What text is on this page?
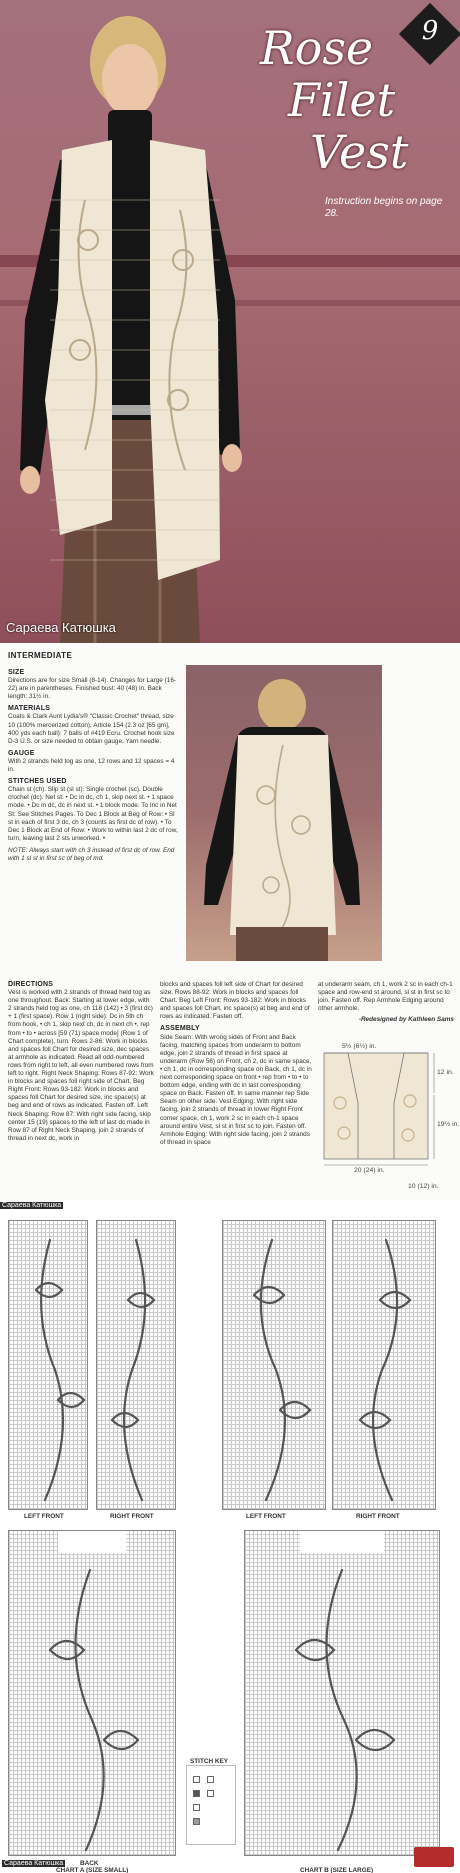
9
Rose
Filet
Vest
Instruction begins on page 28.
Сараева Катюшка
INTERMEDIATE
SIZE
Directions are for size Small (8-14). Changes for Large (16-22) are in parentheses. Finished bust: 40 (48) in. Back length: 31½ in.
MATERIALS
Coats & Clark Aunt Lydia's® "Classic Crochet" thread, size 10 (100% mercerized cotton), Article 154 (2.3 oz [65 gm], 400 yds each ball): 7 balls of #419 Ecru. Crochet hook size D-3 U.S. or size needed to obtain gauge. Yarn needle.
GAUGE
With 2 strands held tog as one, 12 rows and 12 spaces = 4 in.
STITCHES USED
Chain st (ch). Slip st (sl st). Single crochet (sc). Double crochet (dc). Net st: • Dc in dc, ch 1, skip next st. • 1 space mode. • Dc in dc, dc in next st. • 1 block mode. To Inc in Net St: See Stitches Pages. To Dec 1 Block at Beg of Row: • Sl st in each of first 3 dc, ch 3 (counts as first dc of row). • To Dec 1 Block at End of Row: • Work to within last 2 dc of row, turn, leaving last 2 sts unworked. •
NOTE: Always start with ch 3 instead of first dc of row. End with 1 sl st in first sc of beg of md.
DIRECTIONS
Vest is worked with 2 strands of thread held tog as one throughout. Back: Starting at lower edge, with 2 strands held tog as one, ch 118 (142) • 3 (first dc) + 1 (first space). Row 1 (right side): Dc in 5th ch from hook, • ch 1, skip next ch, dc in next ch •, rep from • to • across [59 (71) space mode] (Row 1 of Chart complete), turn. Rows 2-86: Work in blocks and spaces foll Chart for desired size, dec spaces at armhole as indicated. Read all odd-numbered rows from right to left, all even numbered rows from left to right. Right Neck Shaping: Rows 87-92: Work in blocks and spaces foll right side of Chart. Beg Right Front: Rows 93-182: Work in blocks and spaces foll Chart for desired size, inc space(s) at beg and end of rows as indicated. Fasten off. Left Neck Shaping: Row 87: With right side facing, skip center 15 (19) spaces to the left of last dc made in Row 87 of Right Neck Shaping, join 2 strands of thread in next dc, work in
blocks and spaces foll left side of Chart for desired size. Rows 88-92: Work in blocks and spaces foll Chart. Beg Left Front: Rows 93-182: Work in blocks and spaces foll Chart, inc space(s) at beg and end of rows as indicated. Fasten off.
ASSEMBLY
Side Seam: With wrong sides of Front and Back facing, matching spaces from underarm to bottom edge, join 2 strands of thread in first space at underarm (Row 56) on Front, ch 2, dc in same space, • ch 1, dc in corresponding space on Back, ch 1, dc in next corresponding space on front • rep from • to • to bottom edge, ending with dc in last corresponding space on Back. Fasten off. In same manner rep Side Seam on other side. Vest Edging: With right side facing, join 2 strands of thread in lower Right Front corner space, ch 1, work 2 sc in each ch-1 space around entire Vest, sl st in first sc to join. Fasten off. Armhole Edging: With right side facing, join 2 strands of thread in space
at underarm seam, ch 1, work 2 sc in each ch-1 space and row-end st around, sl st in first sc to join. Fasten off. Rep Armhole Edging around other armhole.
-Redesigned by Kathleen Sams
5½ (6½) in.
12 in.
19½ in.
20 (24) in.
10 (12) in.
Сараева Катюшка
LEFT FRONT	RIGHT FRONT	LEFT FRONT	RIGHT FRONT
STITCH KEY
BACK
CHART A (SIZE SMALL)	CHART B (SIZE LARGE)
Сараева Катюшка
